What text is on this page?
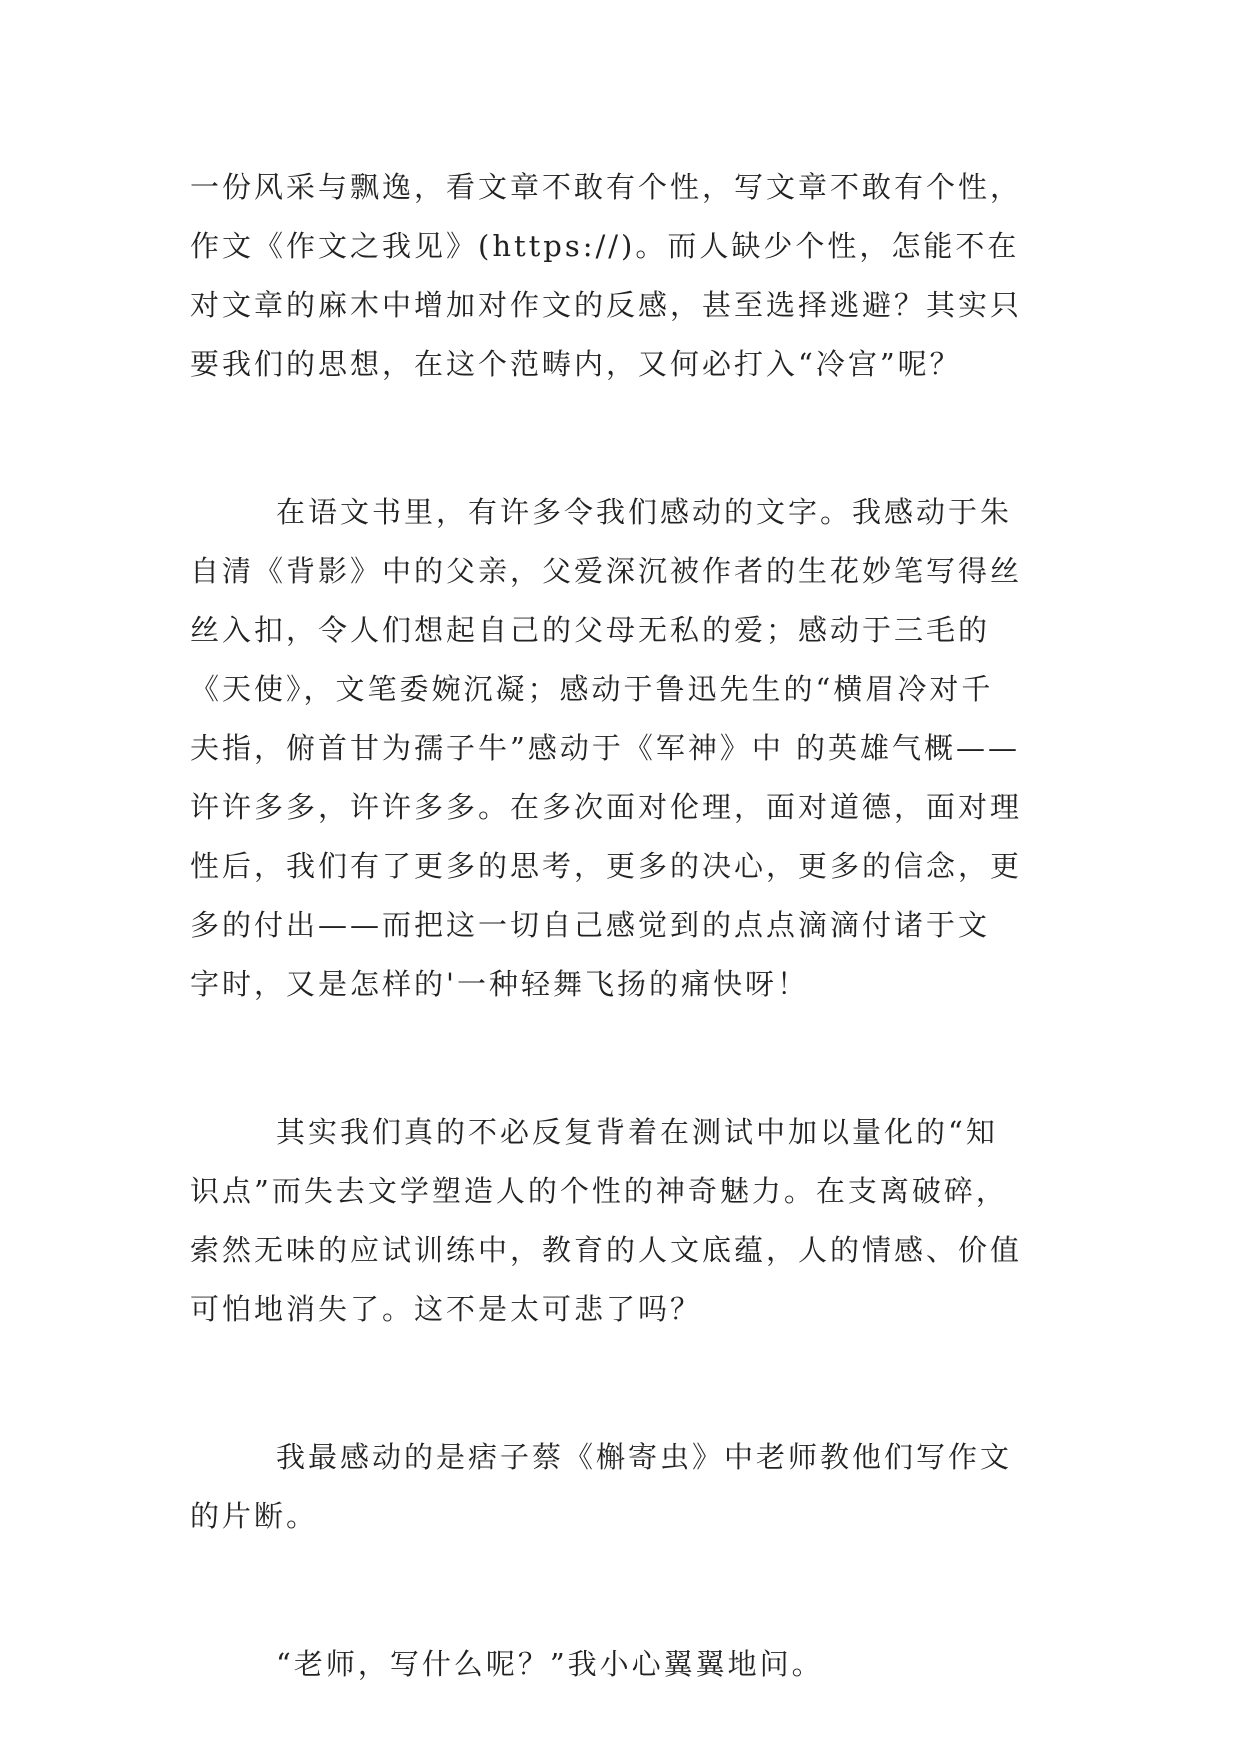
一份风采与飘逸，看文章不敢有个性，写文章不敢有个性，
作文《作文之我见》(https://)。而人缺少个性，怎能不在
对文章的麻木中增加对作文的反感，甚至选择逃避？其实只
要我们的思想，在这个范畴内，又何必打入“冷宫”呢？
在语文书里，有许多令我们感动的文字。我感动于朱
自清《背影》中的父亲，父爱深沉被作者的生花妙笔写得丝
丝入扣，令人们想起自己的父母无私的爱；感动于三毛的
《天使》，文笔委婉沉凝；感动于鲁迅先生的“横眉冷对千
夫指，俯首甘为孺子牛”感动于《军神》中 的英雄气概——
许许多多，许许多多。在多次面对伦理，面对道德，面对理
性后，我们有了更多的思考，更多的决心，更多的信念，更
多的付出——而把这一切自己感觉到的点点滴滴付诸于文
字时，又是怎样的'一种轻舞飞扬的痛快呀！
其实我们真的不必反复背着在测试中加以量化的“知
识点”而失去文学塑造人的个性的神奇魅力。在支离破碎，
索然无味的应试训练中，教育的人文底蕴，人的情感、价值
可怕地消失了。这不是太可悲了吗？
我最感动的是痞子蔡《槲寄虫》中老师教他们写作文
的片断。
“老师，写什么呢？”我小心翼翼地问。
